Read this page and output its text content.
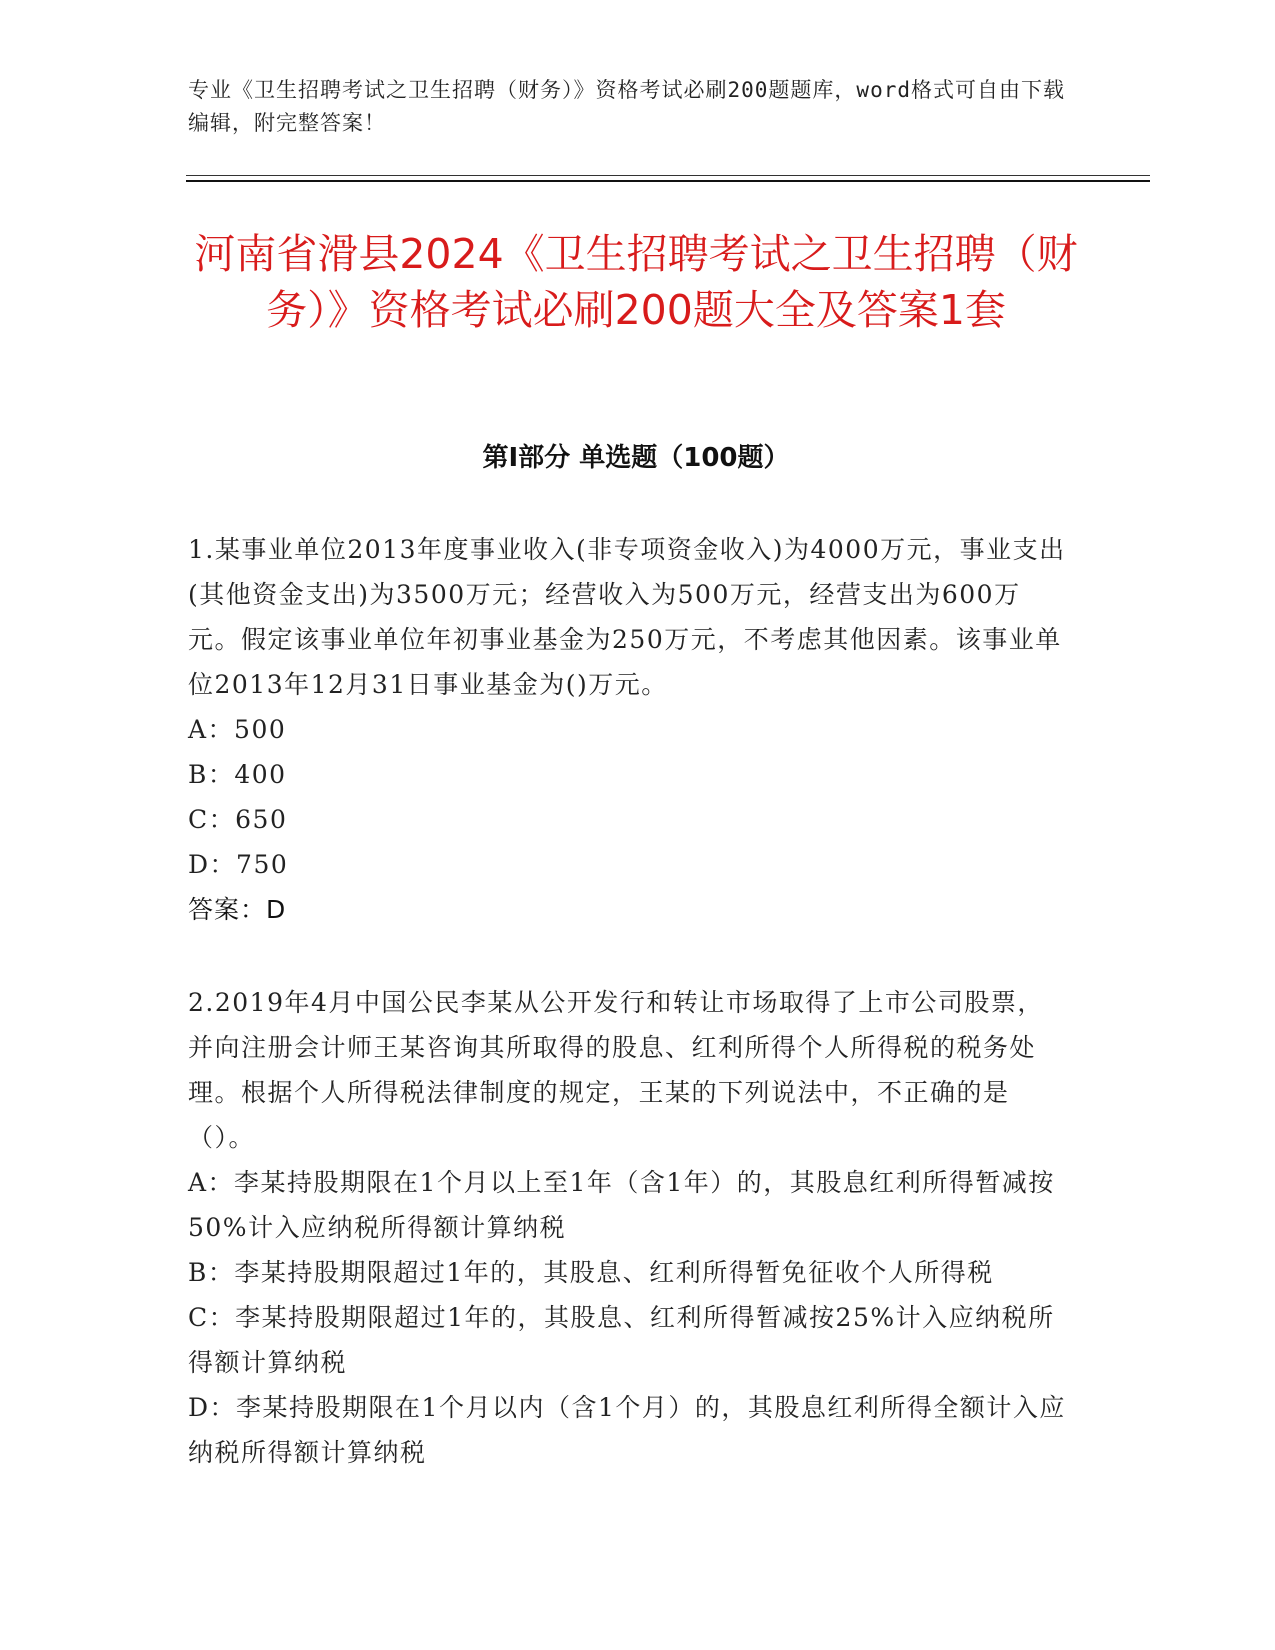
专业《卫生招聘考试之卫生招聘（财务）》资格考试必刷200题题库，word格式可自由下载编辑，附完整答案！
河南省滑县2024《卫生招聘考试之卫生招聘（财务）》资格考试必刷200题大全及答案1套
第I部分 单选题（100题）

1.某事业单位2013年度事业收入(非专项资金收入)为4000万元，事业支出(其他资金支出)为3500万元；经营收入为500万元，经营支出为600万元。假定该事业单位年初事业基金为250万元，不考虑其他因素。该事业单位2013年12月31日事业基金为()万元。

A：500

B：400

C：650

D：750

答案：D

2.2019年4月中国公民李某从公开发行和转让市场取得了上市公司股票，并向注册会计师王某咨询其所取得的股息、红利所得个人所得税的税务处理。根据个人所得税法律制度的规定，王某的下列说法中，不正确的是（）。

A：李某持股期限在1个月以上至1年（含1年）的，其股息红利所得暂减按50%计入应纳税所得额计算纳税

B：李某持股期限超过1年的，其股息、红利所得暂免征收个人所得税

C：李某持股期限超过1年的，其股息、红利所得暂减按25%计入应纳税所得额计算纳税

D：李某持股期限在1个月以内（含1个月）的，其股息红利所得全额计入应纳税所得额计算纳税
